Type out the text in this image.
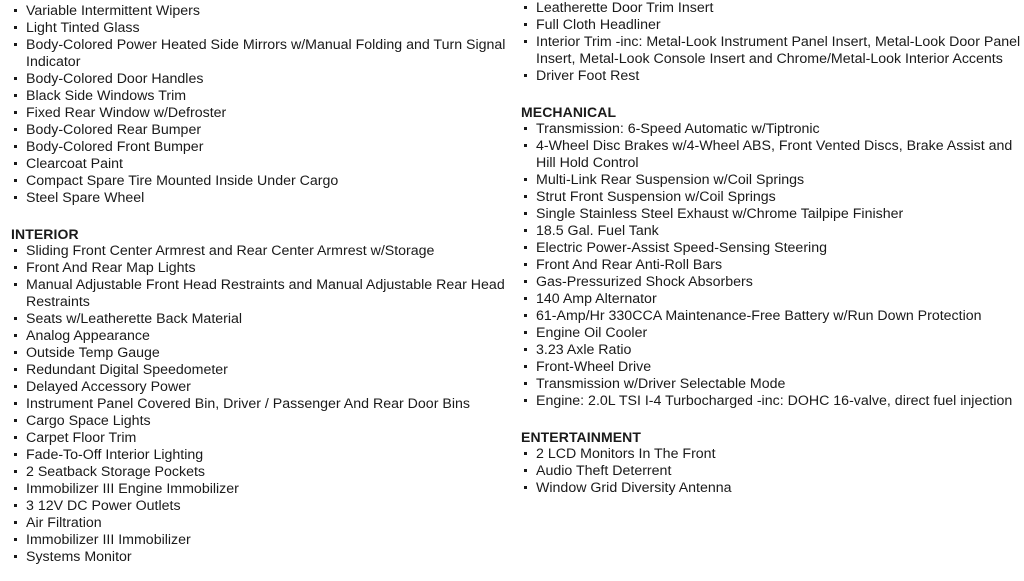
Variable Intermittent Wipers
Light Tinted Glass
Body-Colored Power Heated Side Mirrors w/Manual Folding and Turn Signal Indicator
Body-Colored Door Handles
Black Side Windows Trim
Fixed Rear Window w/Defroster
Body-Colored Rear Bumper
Body-Colored Front Bumper
Clearcoat Paint
Compact Spare Tire Mounted Inside Under Cargo
Steel Spare Wheel
INTERIOR
Sliding Front Center Armrest and Rear Center Armrest w/Storage
Front And Rear Map Lights
Manual Adjustable Front Head Restraints and Manual Adjustable Rear Head Restraints
Seats w/Leatherette Back Material
Analog Appearance
Outside Temp Gauge
Redundant Digital Speedometer
Delayed Accessory Power
Instrument Panel Covered Bin, Driver / Passenger And Rear Door Bins
Cargo Space Lights
Carpet Floor Trim
Fade-To-Off Interior Lighting
2 Seatback Storage Pockets
Immobilizer III Engine Immobilizer
3 12V DC Power Outlets
Air Filtration
Immobilizer III Immobilizer
Systems Monitor
Leatherette Door Trim Insert
Full Cloth Headliner
Interior Trim -inc: Metal-Look Instrument Panel Insert, Metal-Look Door Panel Insert, Metal-Look Console Insert and Chrome/Metal-Look Interior Accents
Driver Foot Rest
MECHANICAL
Transmission: 6-Speed Automatic w/Tiptronic
4-Wheel Disc Brakes w/4-Wheel ABS, Front Vented Discs, Brake Assist and Hill Hold Control
Multi-Link Rear Suspension w/Coil Springs
Strut Front Suspension w/Coil Springs
Single Stainless Steel Exhaust w/Chrome Tailpipe Finisher
18.5 Gal. Fuel Tank
Electric Power-Assist Speed-Sensing Steering
Front And Rear Anti-Roll Bars
Gas-Pressurized Shock Absorbers
140 Amp Alternator
61-Amp/Hr 330CCA Maintenance-Free Battery w/Run Down Protection
Engine Oil Cooler
3.23 Axle Ratio
Front-Wheel Drive
Transmission w/Driver Selectable Mode
Engine: 2.0L TSI I-4 Turbocharged -inc: DOHC 16-valve, direct fuel injection
ENTERTAINMENT
2 LCD Monitors In The Front
Audio Theft Deterrent
Window Grid Diversity Antenna
